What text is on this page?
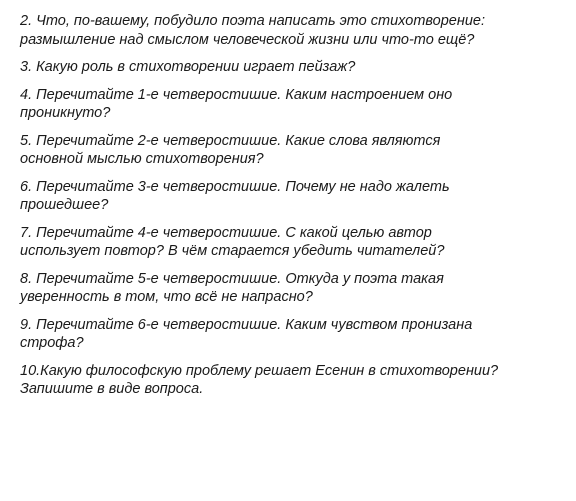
2. Что, по-вашему, побудило поэта написать это стихотворение:
размышление над смыслом человеческой жизни или что-то ещё?
3. Какую роль в стихотворении играет пейзаж?
4. Перечитайте 1-е четверостишие. Каким настроением оно
проникнуто?
5. Перечитайте 2-е четверостишие. Какие слова являются
основной мыслью стихотворения?
6. Перечитайте 3-е четверостишие. Почему не надо жалеть
прошедшее?
7. Перечитайте 4-е четверостишие. С какой целью автор
использует повтор? В чём старается убедить читателей?
8. Перечитайте 5-е четверостишие. Откуда у поэта такая
уверенность в том, что всё не напрасно?
9. Перечитайте 6-е четверостишие. Каким чувством пронизана
строфа?
10.Какую философскую проблему решает Есенин в стихотворении?
Запишите в виде вопроса.
